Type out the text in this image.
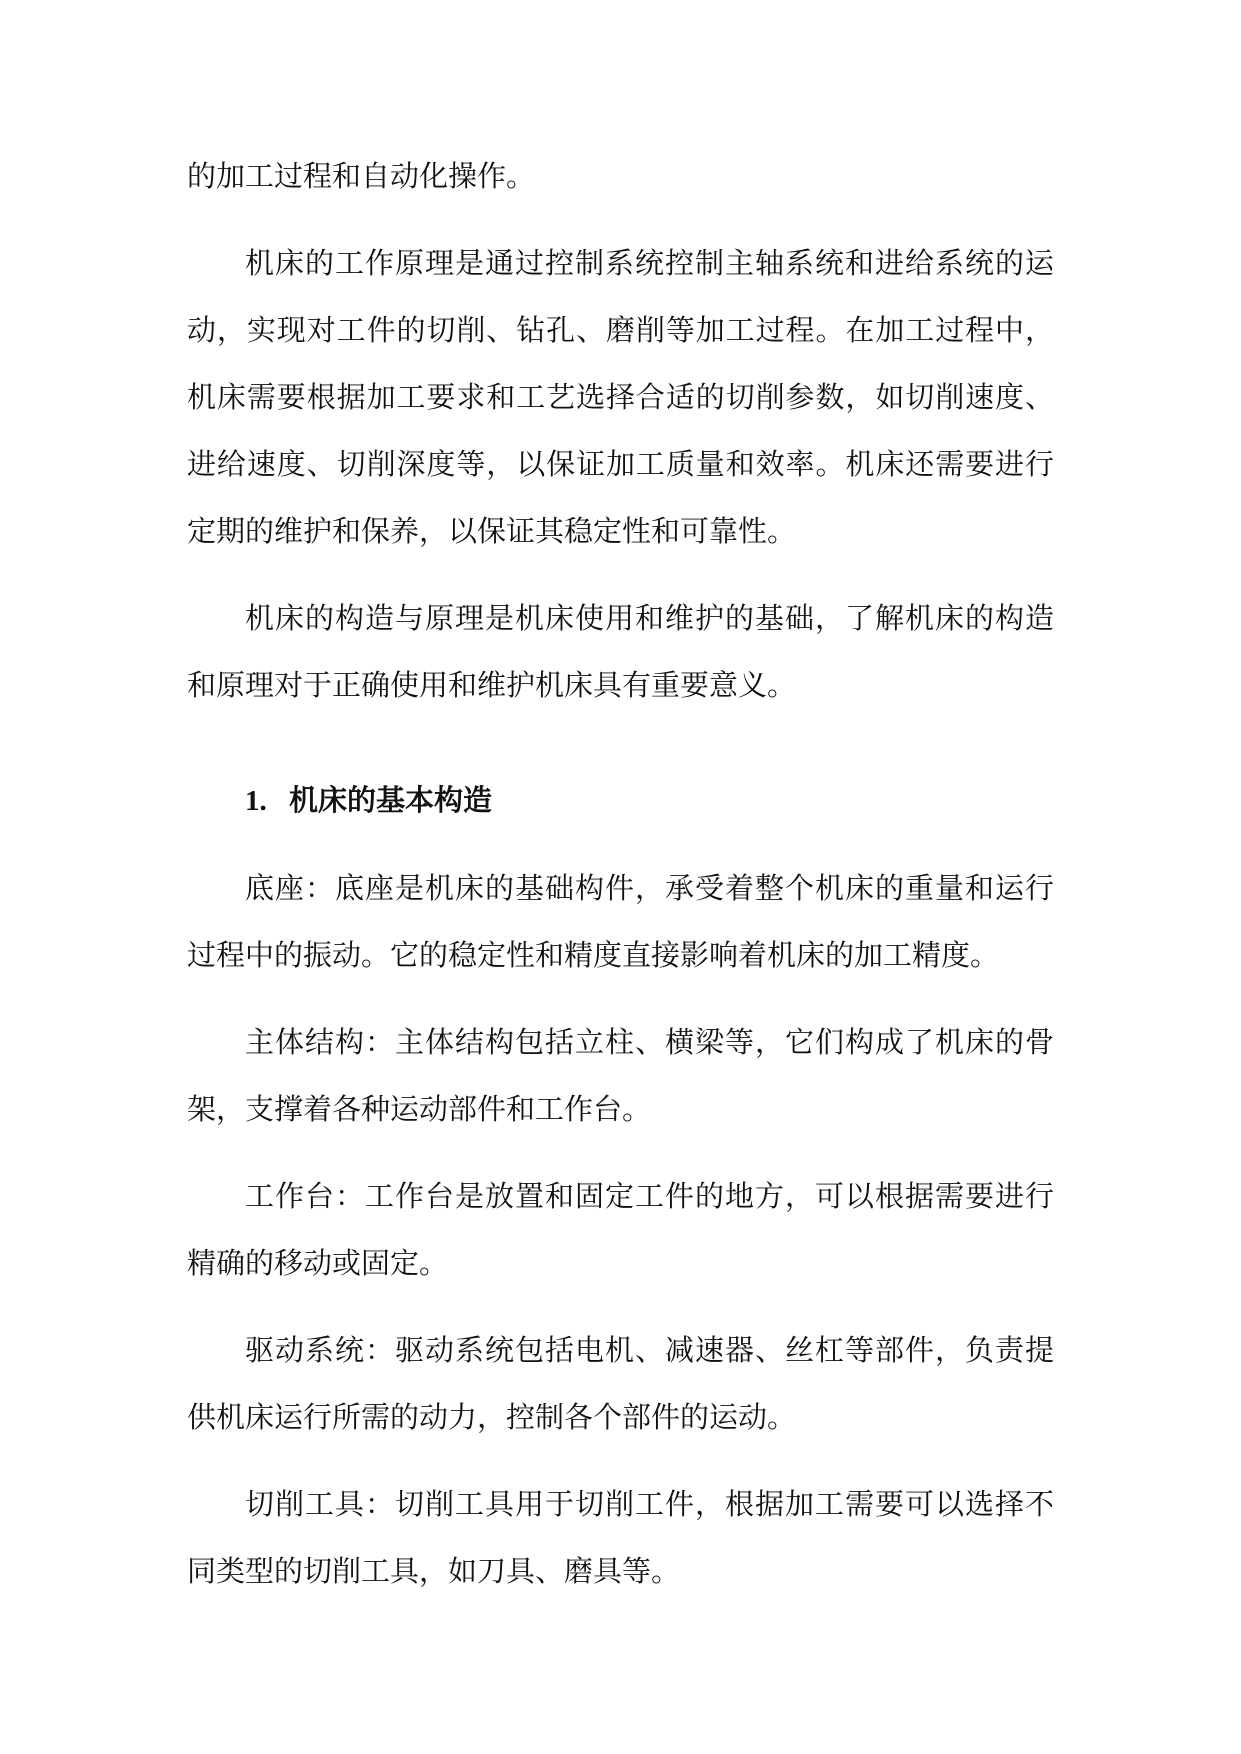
的加工过程和自动化操作。

机床的工作原理是通过控制系统控制主轴系统和进给系统的运动，实现对工件的切削、钻孔、磨削等加工过程。在加工过程中，机床需要根据加工要求和工艺选择合适的切削参数，如切削速度、进给速度、切削深度等，以保证加工质量和效率。机床还需要进行定期的维护和保养，以保证其稳定性和可靠性。

机床的构造与原理是机床使用和维护的基础，了解机床的构造和原理对于正确使用和维护机床具有重要意义。

1. 机床的基本构造

底座：底座是机床的基础构件，承受着整个机床的重量和运行过程中的振动。它的稳定性和精度直接影响着机床的加工精度。

主体结构：主体结构包括立柱、横梁等，它们构成了机床的骨架，支撑着各种运动部件和工作台。

工作台：工作台是放置和固定工件的地方，可以根据需要进行精确的移动或固定。

驱动系统：驱动系统包括电机、减速器、丝杠等部件，负责提供机床运行所需的动力，控制各个部件的运动。

切削工具：切削工具用于切削工件，根据加工需要可以选择不同类型的切削工具，如刀具、磨具等。
